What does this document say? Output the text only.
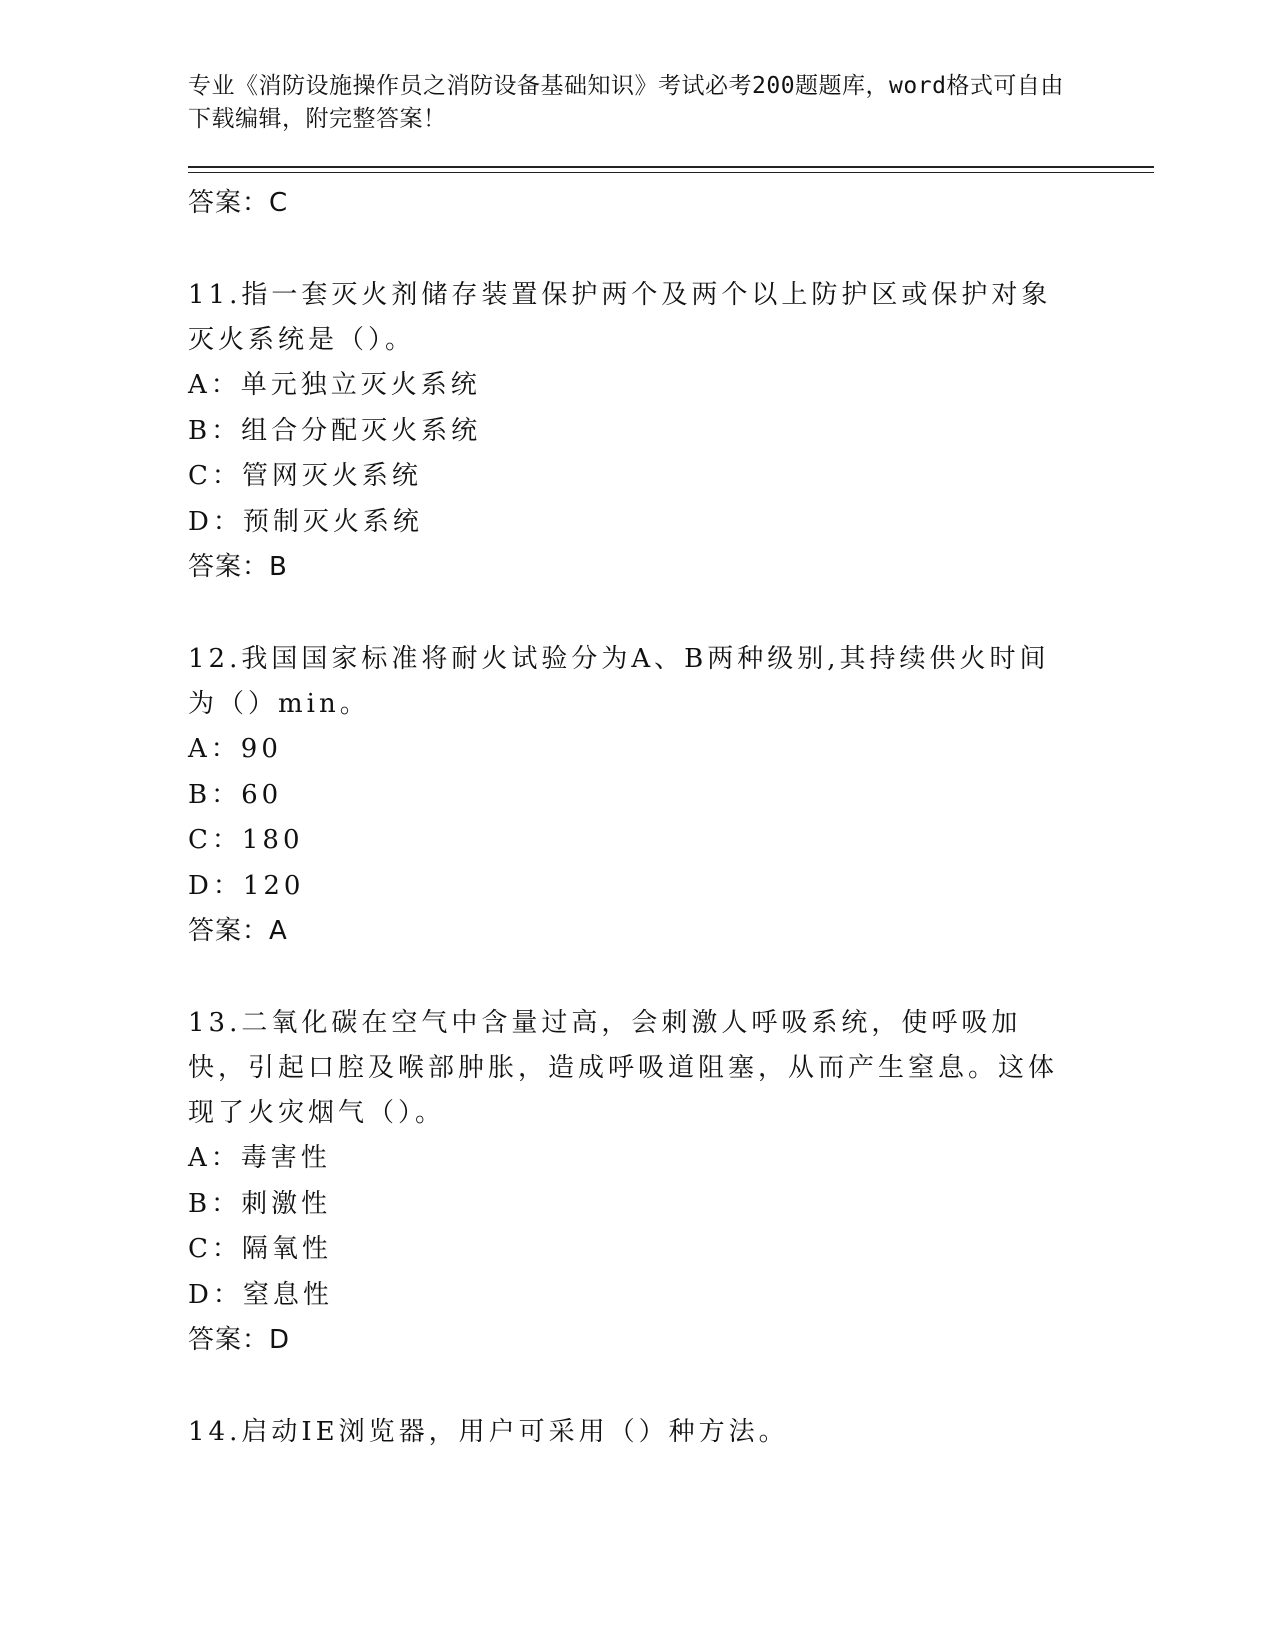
专业《消防设施操作员之消防设备基础知识》考试必考200题题库，word格式可自由下载编辑，附完整答案！

答案：C
11.指一套灭火剂储存装置保护两个及两个以上防护区或保护对象灭火系统是（）。
A：单元独立灭火系统
B：组合分配灭火系统
C：管网灭火系统
D：预制灭火系统
答案：B
12.我国国家标准将耐火试验分为A、B两种级别,其持续供火时间为（）min。
A：90
B：60
C：180
D：120
答案：A
13.二氧化碳在空气中含量过高，会刺激人呼吸系统，使呼吸加快，引起口腔及喉部肿胀，造成呼吸道阻塞，从而产生窒息。这体现了火灾烟气（）。
A：毒害性
B：刺激性
C：隔氧性
D：窒息性
答案：D
14.启动IE浏览器，用户可采用（）种方法。
